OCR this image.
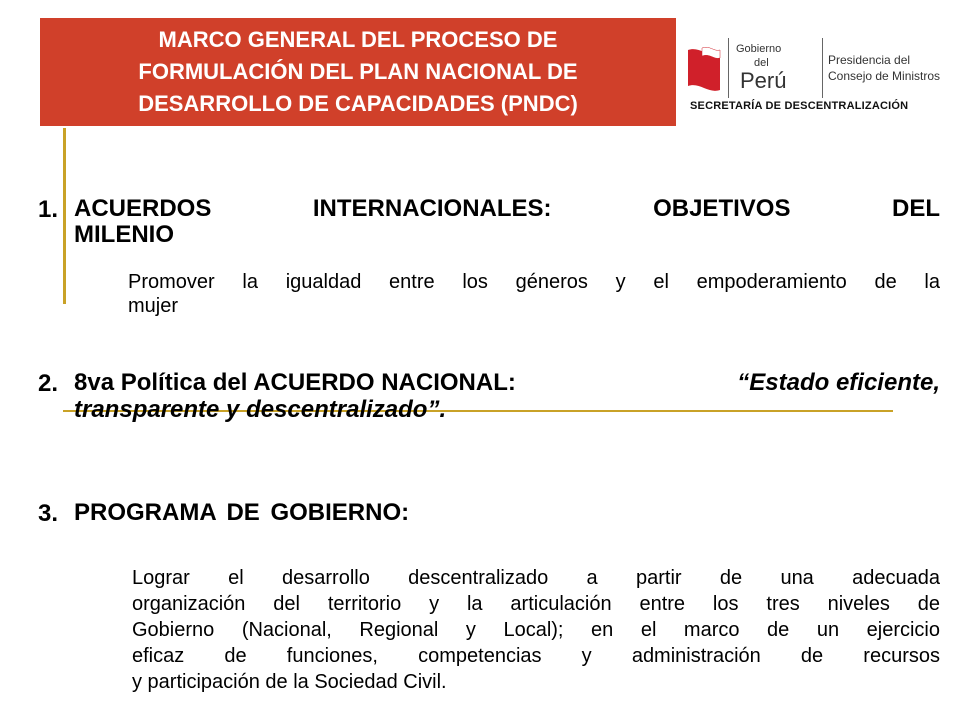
MARCO GENERAL DEL PROCESO DE
FORMULACIÓN DEL PLAN NACIONAL DE
DESARROLLO DE CAPACIDADES (PNDC)
Gobierno
del
Perú
Presidencia del
Consejo de Ministros
SECRETARÍA DE DESCENTRALIZACIÓN
1. ACUERDOS INTERNACIONALES: OBJETIVOS DEL
MILENIO
Promover la igualdad entre los géneros y el empoderamiento de la
mujer
2. 8va Política del ACUERDO NACIONAL:	“Estado eficiente,
transparente y descentralizado”.
3. PROGRAMA DE GOBIERNO:
Lograr el desarrollo descentralizado a partir de una adecuada
organización del territorio y la articulación entre los tres niveles de
Gobierno (Nacional, Regional y Local); en el marco de un ejercicio
eficaz de funciones, competencias y administración de recursos
y participación de la Sociedad Civil.
